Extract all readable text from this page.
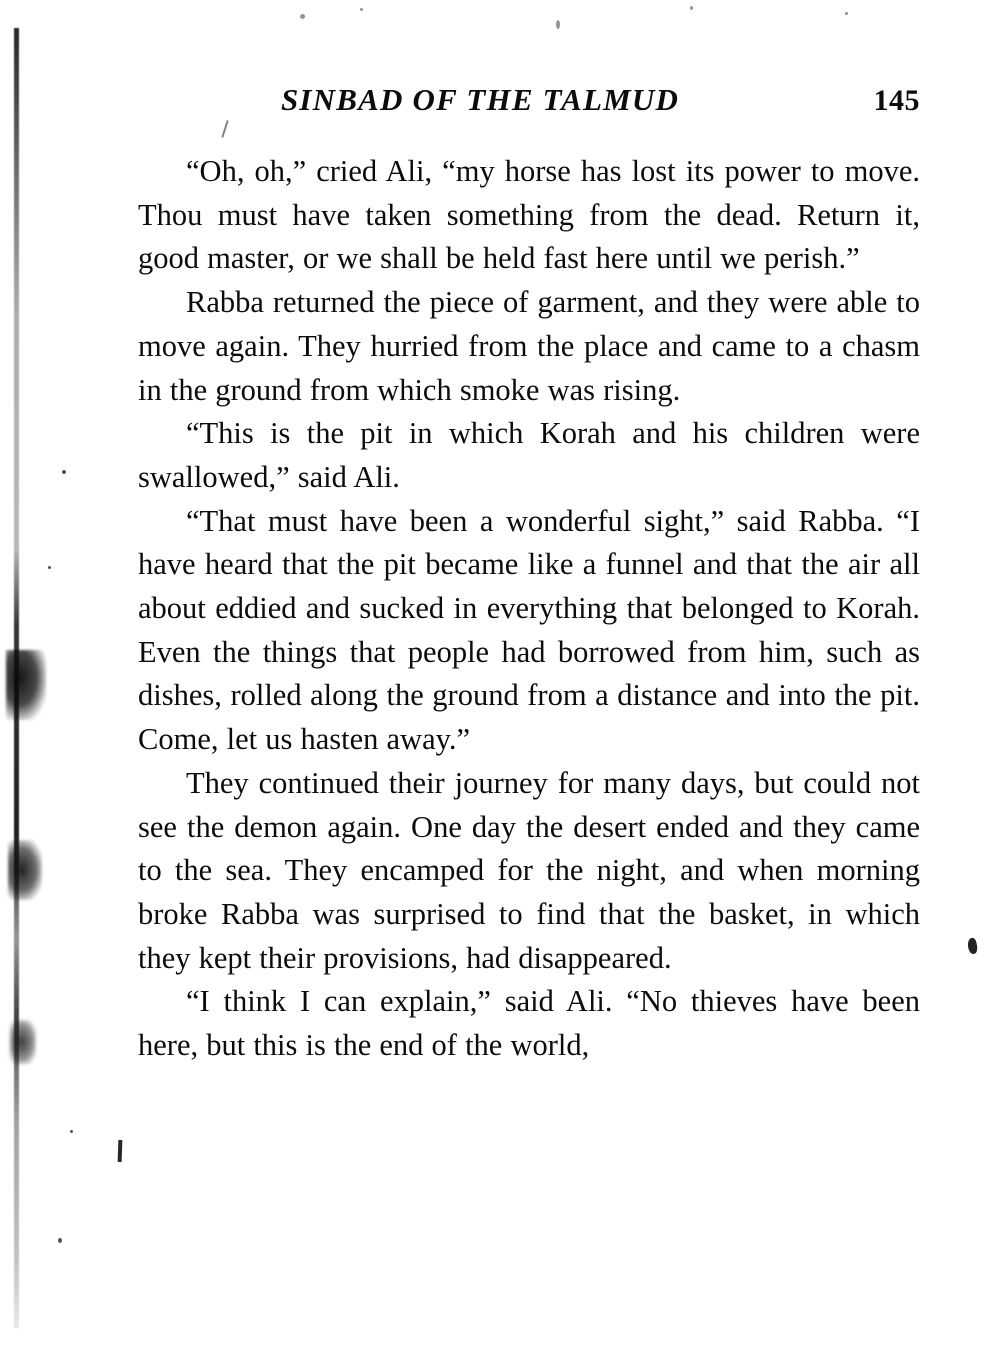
SINBAD OF THE TALMUD	145

“Oh, oh,” cried Ali, “my horse has lost its power to move. Thou must have taken something from the dead. Return it, good master, or we shall be held fast here until we perish.”

Rabba returned the piece of garment, and they were able to move again. They hurried from the place and came to a chasm in the ground from which smoke was rising.

“This is the pit in which Korah and his children were swallowed,” said Ali.

“That must have been a wonderful sight,” said Rabba. “I have heard that the pit became like a funnel and that the air all about eddied and sucked in everything that belonged to Korah. Even the things that people had borrowed from him, such as dishes, rolled along the ground from a distance and into the pit. Come, let us hasten away.”

They continued their journey for many days, but could not see the demon again. One day the desert ended and they came to the sea. They encamped for the night, and when morning broke Rabba was surprised to find that the basket, in which they kept their provisions, had disappeared.

“I think I can explain,” said Ali. “No thieves have been here, but this is the end of the world,
